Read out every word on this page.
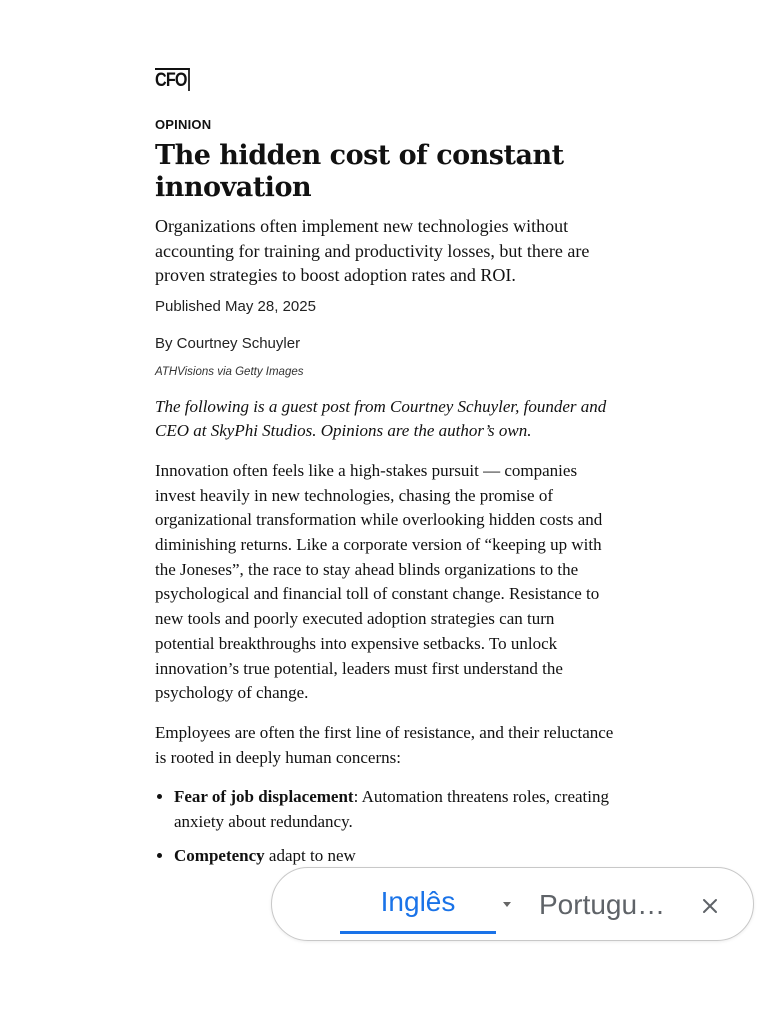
CFO
OPINION
The hidden cost of constant innovation
Organizations often implement new technologies without accounting for training and productivity losses, but there are proven strategies to boost adoption rates and ROI.
Published May 28, 2025
By Courtney Schuyler
ATHVisions via Getty Images
The following is a guest post from Courtney Schuyler, founder and CEO at SkyPhi Studios. Opinions are the author’s own.
Innovation often feels like a high-stakes pursuit — companies invest heavily in new technologies, chasing the promise of organizational transformation while overlooking hidden costs and diminishing returns. Like a corporate version of “keeping up with the Joneses”, the race to stay ahead blinds organizations to the psychological and financial toll of constant change. Resistance to new tools and poorly executed adoption strategies can turn potential breakthroughs into expensive setbacks. To unlock innovation’s true potential, leaders must first understand the psychology of change.
Employees are often the first line of resistance, and their reluctance is rooted in deeply human concerns:
• Fear of job displacement: Automation threatens roles, creating anxiety about redundancy.
• Competency adapt to new
Inglês	Portugu…
